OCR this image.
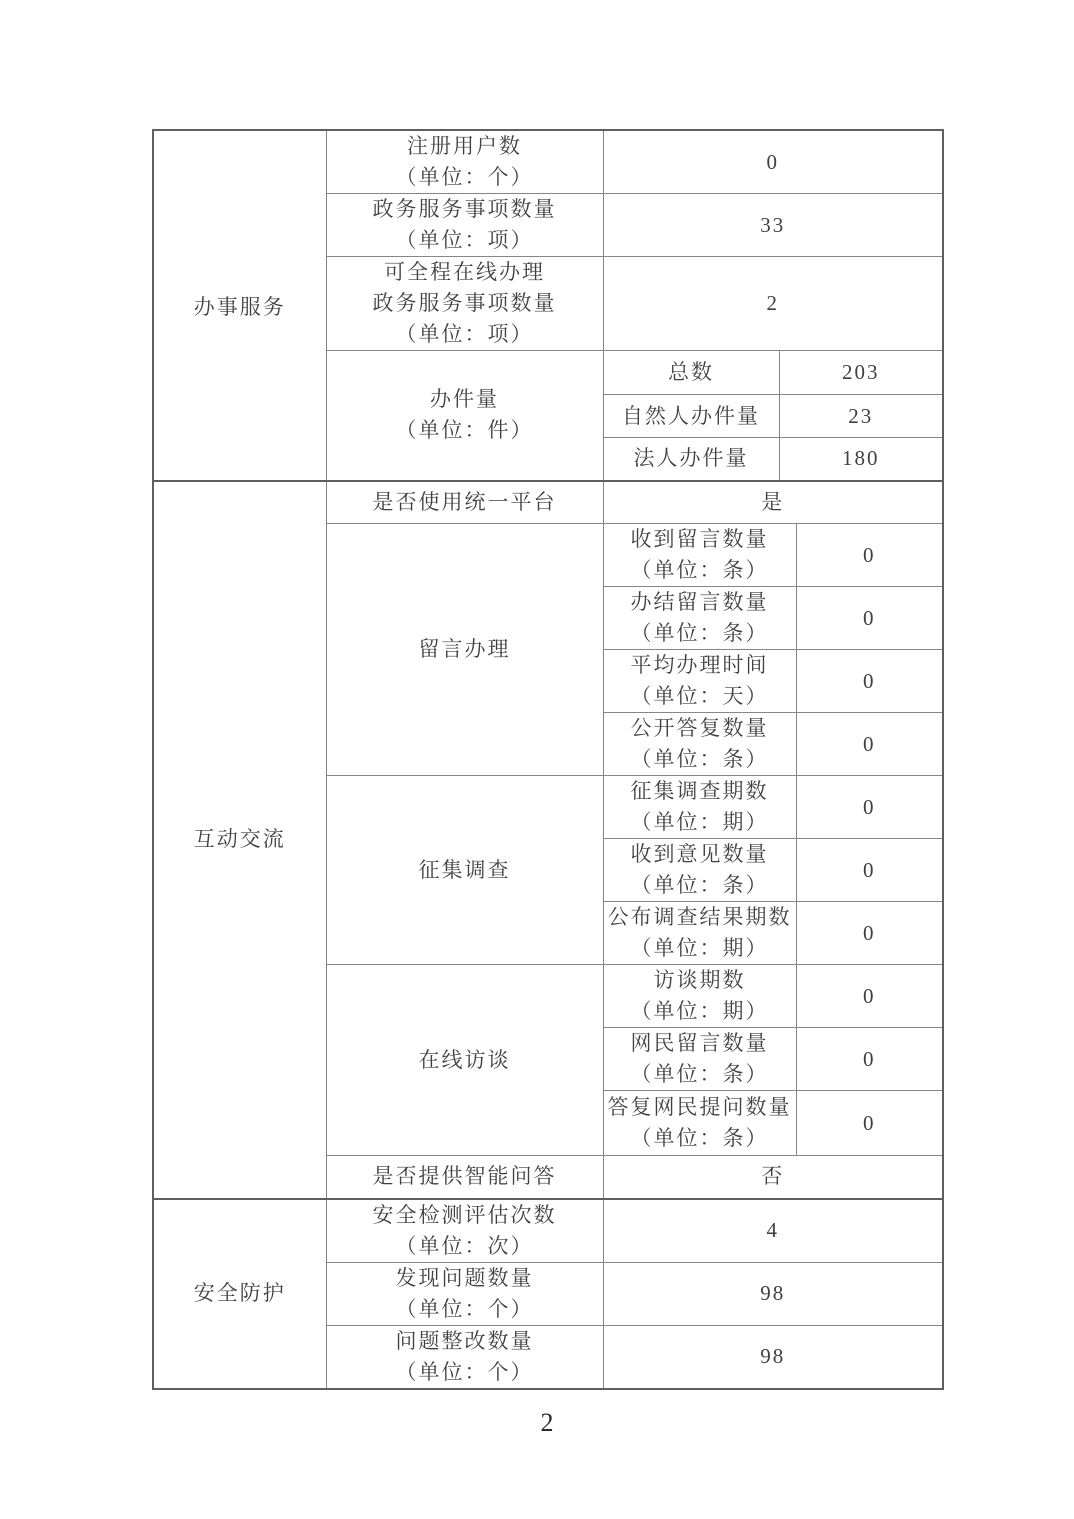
办事服务	注册用户数
（单位：个）	0		

	政务服务事项数量
（单位：项）	33		

	可全程在线办理
政务服务事项数量
（单位：项）	2		

	办件量
（单位：件）	总数	203	
		自然人办件量	23	
		法人办件量	180	
互动交流	是否使用统一平台	是		
	留言办理	收到留言数量
（单位：条）		0

		办结留言数量
（单位：条）		0

		平均办理时间
（单位：天）		0

		公开答复数量
（单位：条）		0
	征集调查	征集调查期数
（单位：期）		0

		收到意见数量
（单位：条）		0

		公布调查结果期数
（单位：期）		0
	在线访谈	访谈期数
（单位：期）		0

		网民留言数量
（单位：条）		0

		答复网民提问数量
（单位：条）		0
	是否提供智能问答	否		
安全防护	安全检测评估次数
（单位：次）	4		

	发现问题数量
（单位：个）	98		

	问题整改数量
（单位：个）	98		
2
